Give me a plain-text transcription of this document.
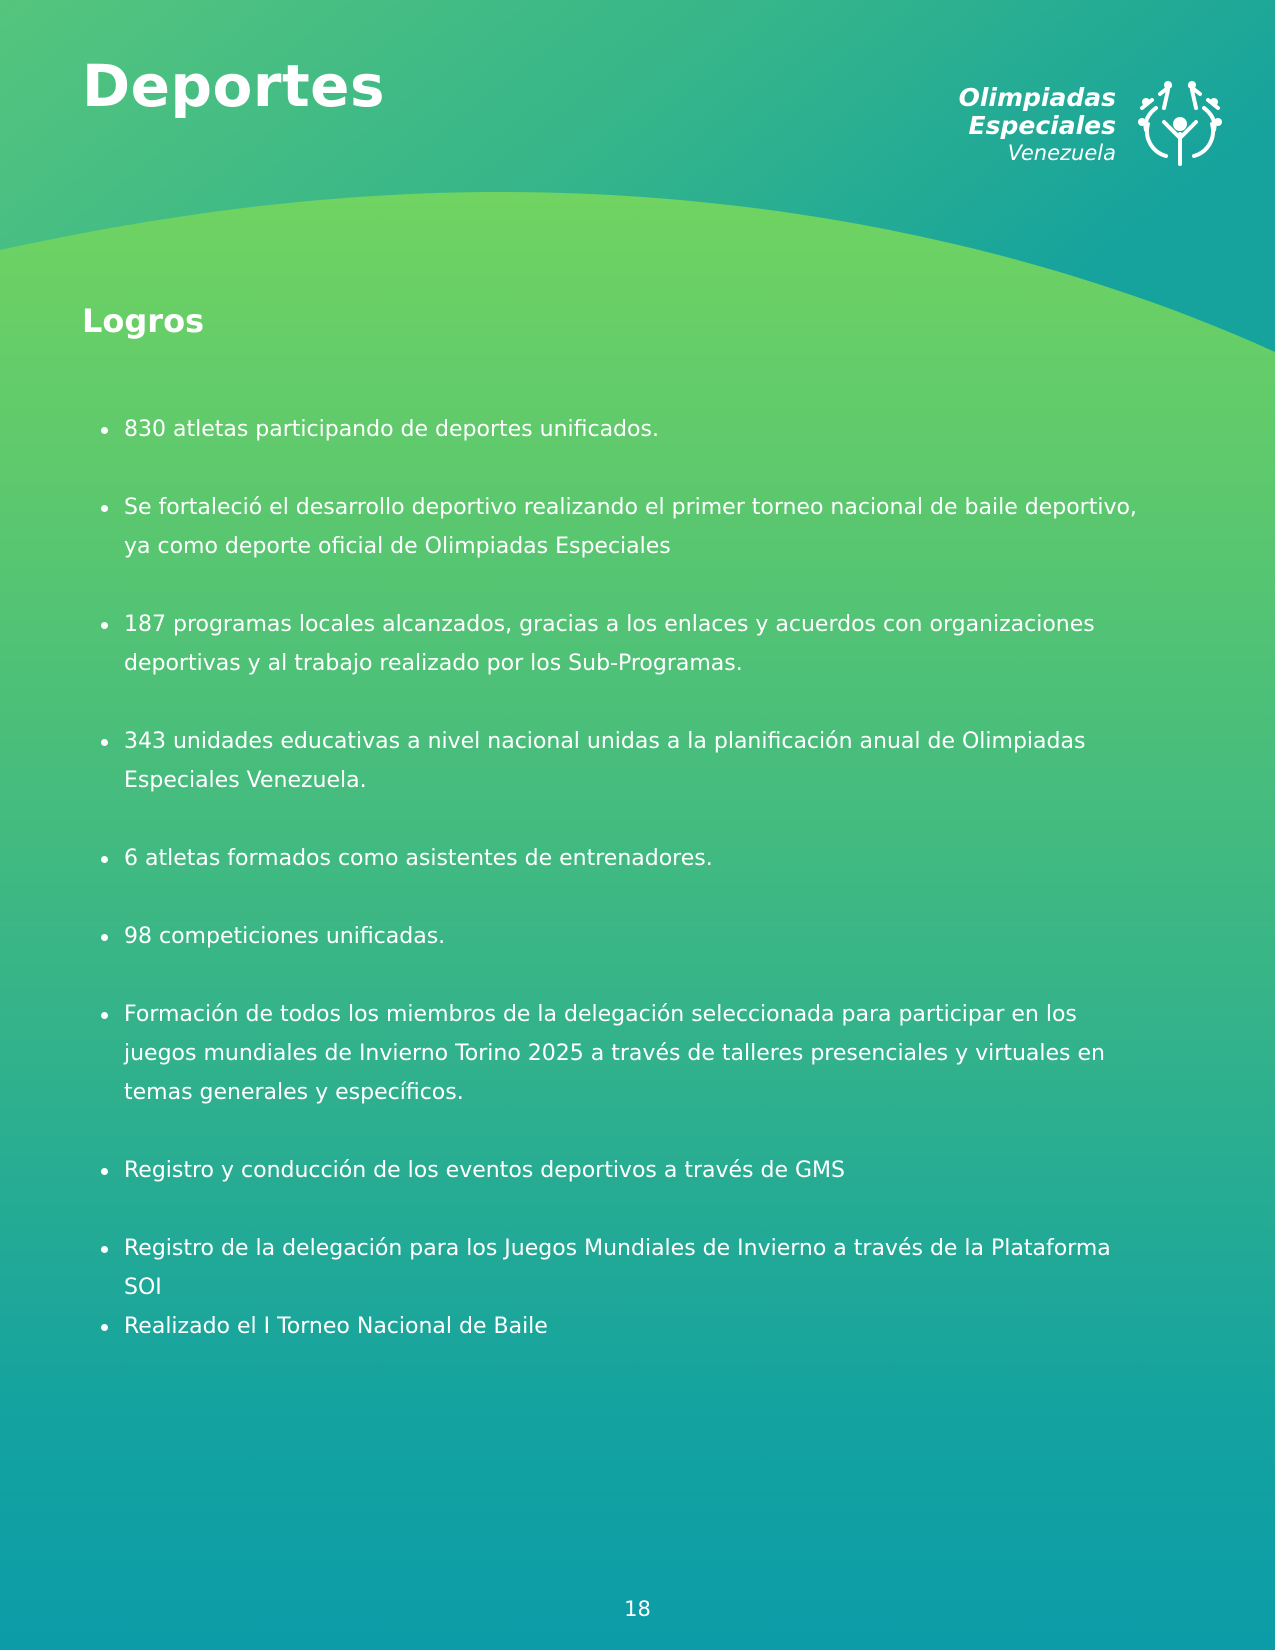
Deportes	Olimpiadas
Especiales
Venezuela
Logros
830 atletas participando de deportes unificados.
Se fortaleció el desarrollo deportivo realizando el primer torneo nacional de baile deportivo, ya como deporte oficial de Olimpiadas Especiales
187 programas locales alcanzados, gracias a los enlaces y acuerdos con organizaciones deportivas y al trabajo realizado por los Sub-Programas.
343 unidades educativas a nivel nacional unidas a la planificación anual de Olimpiadas Especiales Venezuela.
6 atletas formados como asistentes de entrenadores.
98 competiciones unificadas.
Formación de todos los miembros de la delegación seleccionada para participar en los juegos mundiales de Invierno Torino 2025 a través de talleres presenciales y virtuales en temas generales y específicos.
Registro y conducción de los eventos deportivos a través de GMS
Registro de la delegación para los Juegos Mundiales de Invierno a través de la Plataforma SOI
Realizado el I Torneo Nacional de Baile
18
